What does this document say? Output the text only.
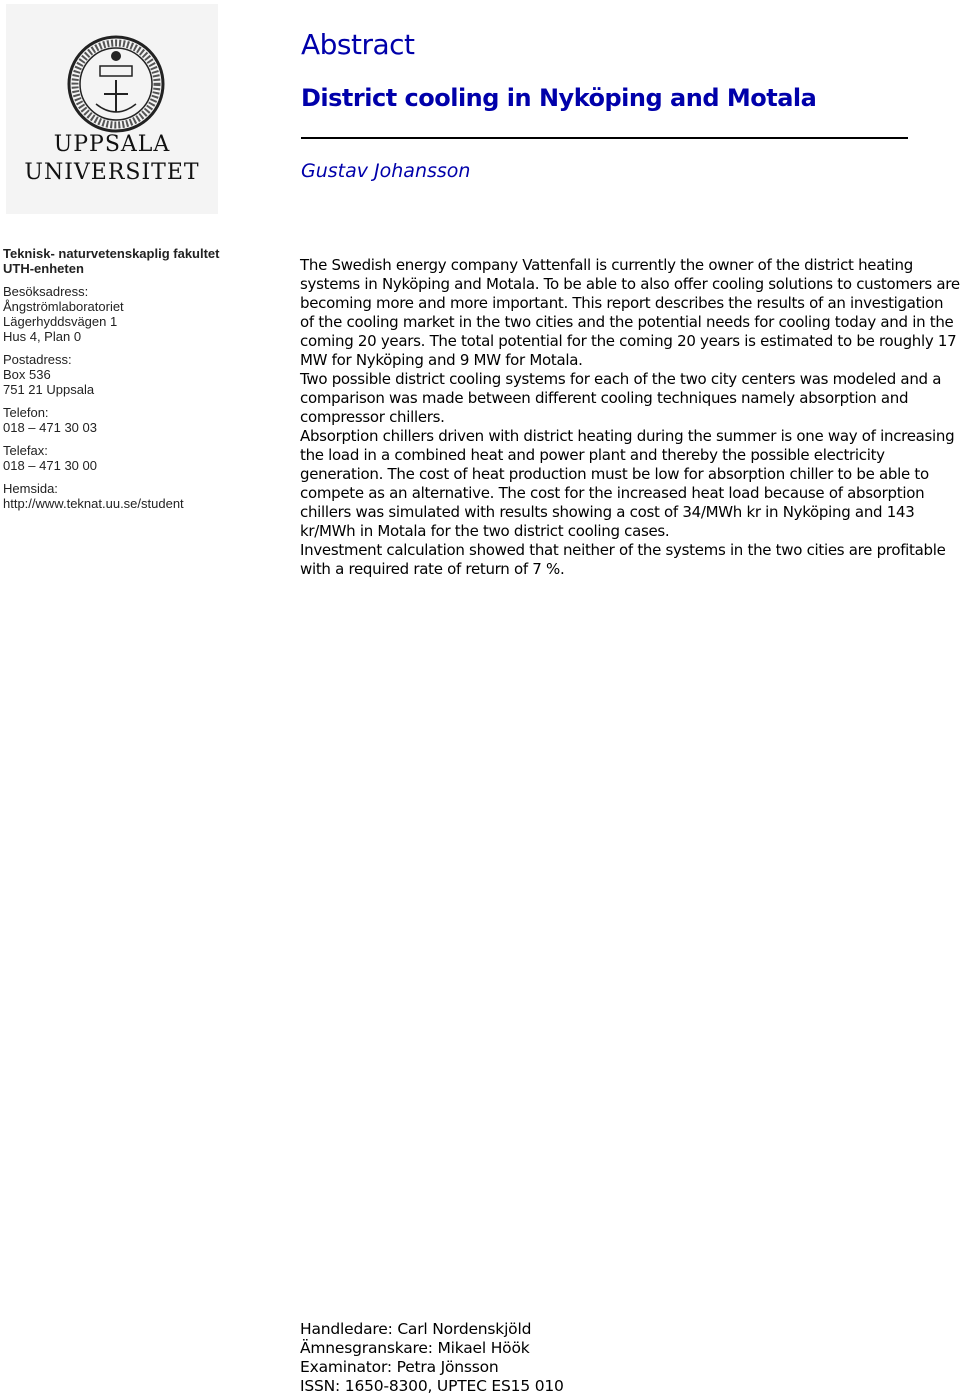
UPPSALA
UNIVERSITET
Teknisk- naturvetenskaplig fakultet
UTH-enheten
Besöksadress:
Ångströmlaboratoriet
Lägerhyddsvägen 1
Hus 4, Plan 0
Postadress:
Box 536
751 21 Uppsala
Telefon:
018 – 471 30 03
Telefax:
018 – 471 30 00
Hemsida:
http://www.teknat.uu.se/student
Abstract
District cooling in Nyköping and Motala
Gustav Johansson

The Swedish energy company Vattenfall is currently the owner of the district heating systems in Nyköping and Motala. To be able to also offer cooling solutions to customers are becoming more and more important. This report describes the results of an investigation of the cooling market in the two cities and the potential needs for cooling today and in the coming 20 years. The total potential for the coming 20 years is estimated to be roughly 17 MW for Nyköping and 9 MW for Motala.

Two possible district cooling systems for each of the two city centers was modeled and a comparison was made between different cooling techniques namely absorption and compressor chillers.

Absorption chillers driven with district heating during the summer is one way of increasing the load in a combined heat and power plant and thereby the possible electricity generation. The cost of heat production must be low for absorption chiller to be able to compete as an alternative. The cost for the increased heat load because of absorption chillers was simulated with results showing a cost of 34/MWh kr in Nyköping and 143 kr/MWh in Motala for the two district cooling cases.

Investment calculation showed that neither of the systems in the two cities are profitable with a required rate of return of 7 %.

Handledare: Carl Nordenskjöld
Ämnesgranskare: Mikael Höök
Examinator: Petra Jönsson
ISSN: 1650-8300, UPTEC ES15 010
